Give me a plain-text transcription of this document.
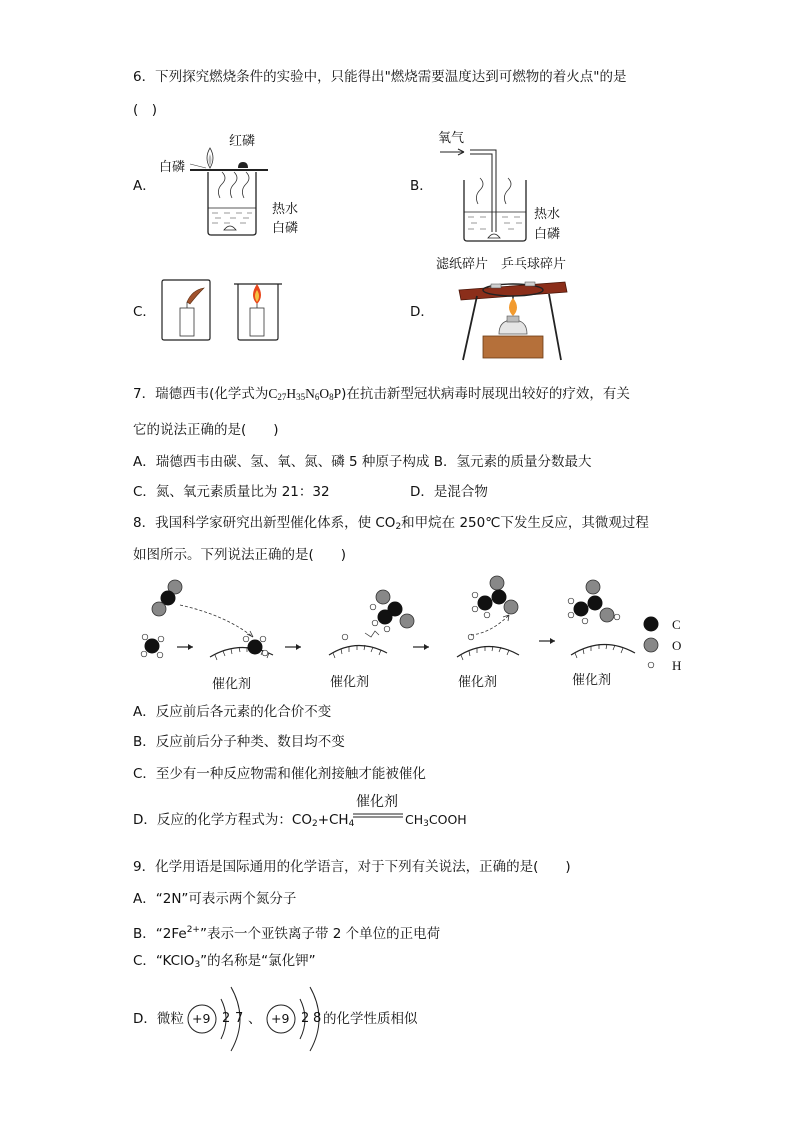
6．下列探究燃烧条件的实验中，只能得出"燃烧需要温度达到可燃物的着火点"的是
(　)
A．	B．
C．	D．
红磷
白磷
热水
白磷
氧气
热水
白磷
滤纸碎片　乒乓球碎片
7．瑞德西韦(化学式为$C_{27}H_{35}N_6O_8P$)在抗击新型冠状病毒时展现出较好的疗效，有关
它的说法正确的是(　　)
A．瑞德西韦由碳、氢、氧、氮、磷 5 种原子构成 B．氢元素的质量分数最大
C．氮、氧元素质量比为 21：32	D．是混合物
8．我国科学家研究出新型催化体系，使 $CO_2$和甲烷在 250℃下发生反应，其微观过程
如图所示。下列说法正确的是(　　)
C
O
H
催化剂	催化剂	催化剂	催化剂
A．反应前后各元素的化合价不变
B．反应前后分子种类、数目均不变
C．至少有一种反应物需和催化剂接触才能被催化
D．反应的化学方程式为：$CO_2+CH_4$
催化剂
$CH_3COOH$
9．化学用语是国际通用的化学语言，对于下列有关说法，正确的是(　　)
A．“2N”可表示两个氮分子
B．“$2Fe^{2+}$”表示一个亚铁离子带 2 个单位的正电荷
C．“KClO$_3$”的名称是“氯化钾”
D．微粒 +9 2 7 、 +9 2 8 的化学性质相似
